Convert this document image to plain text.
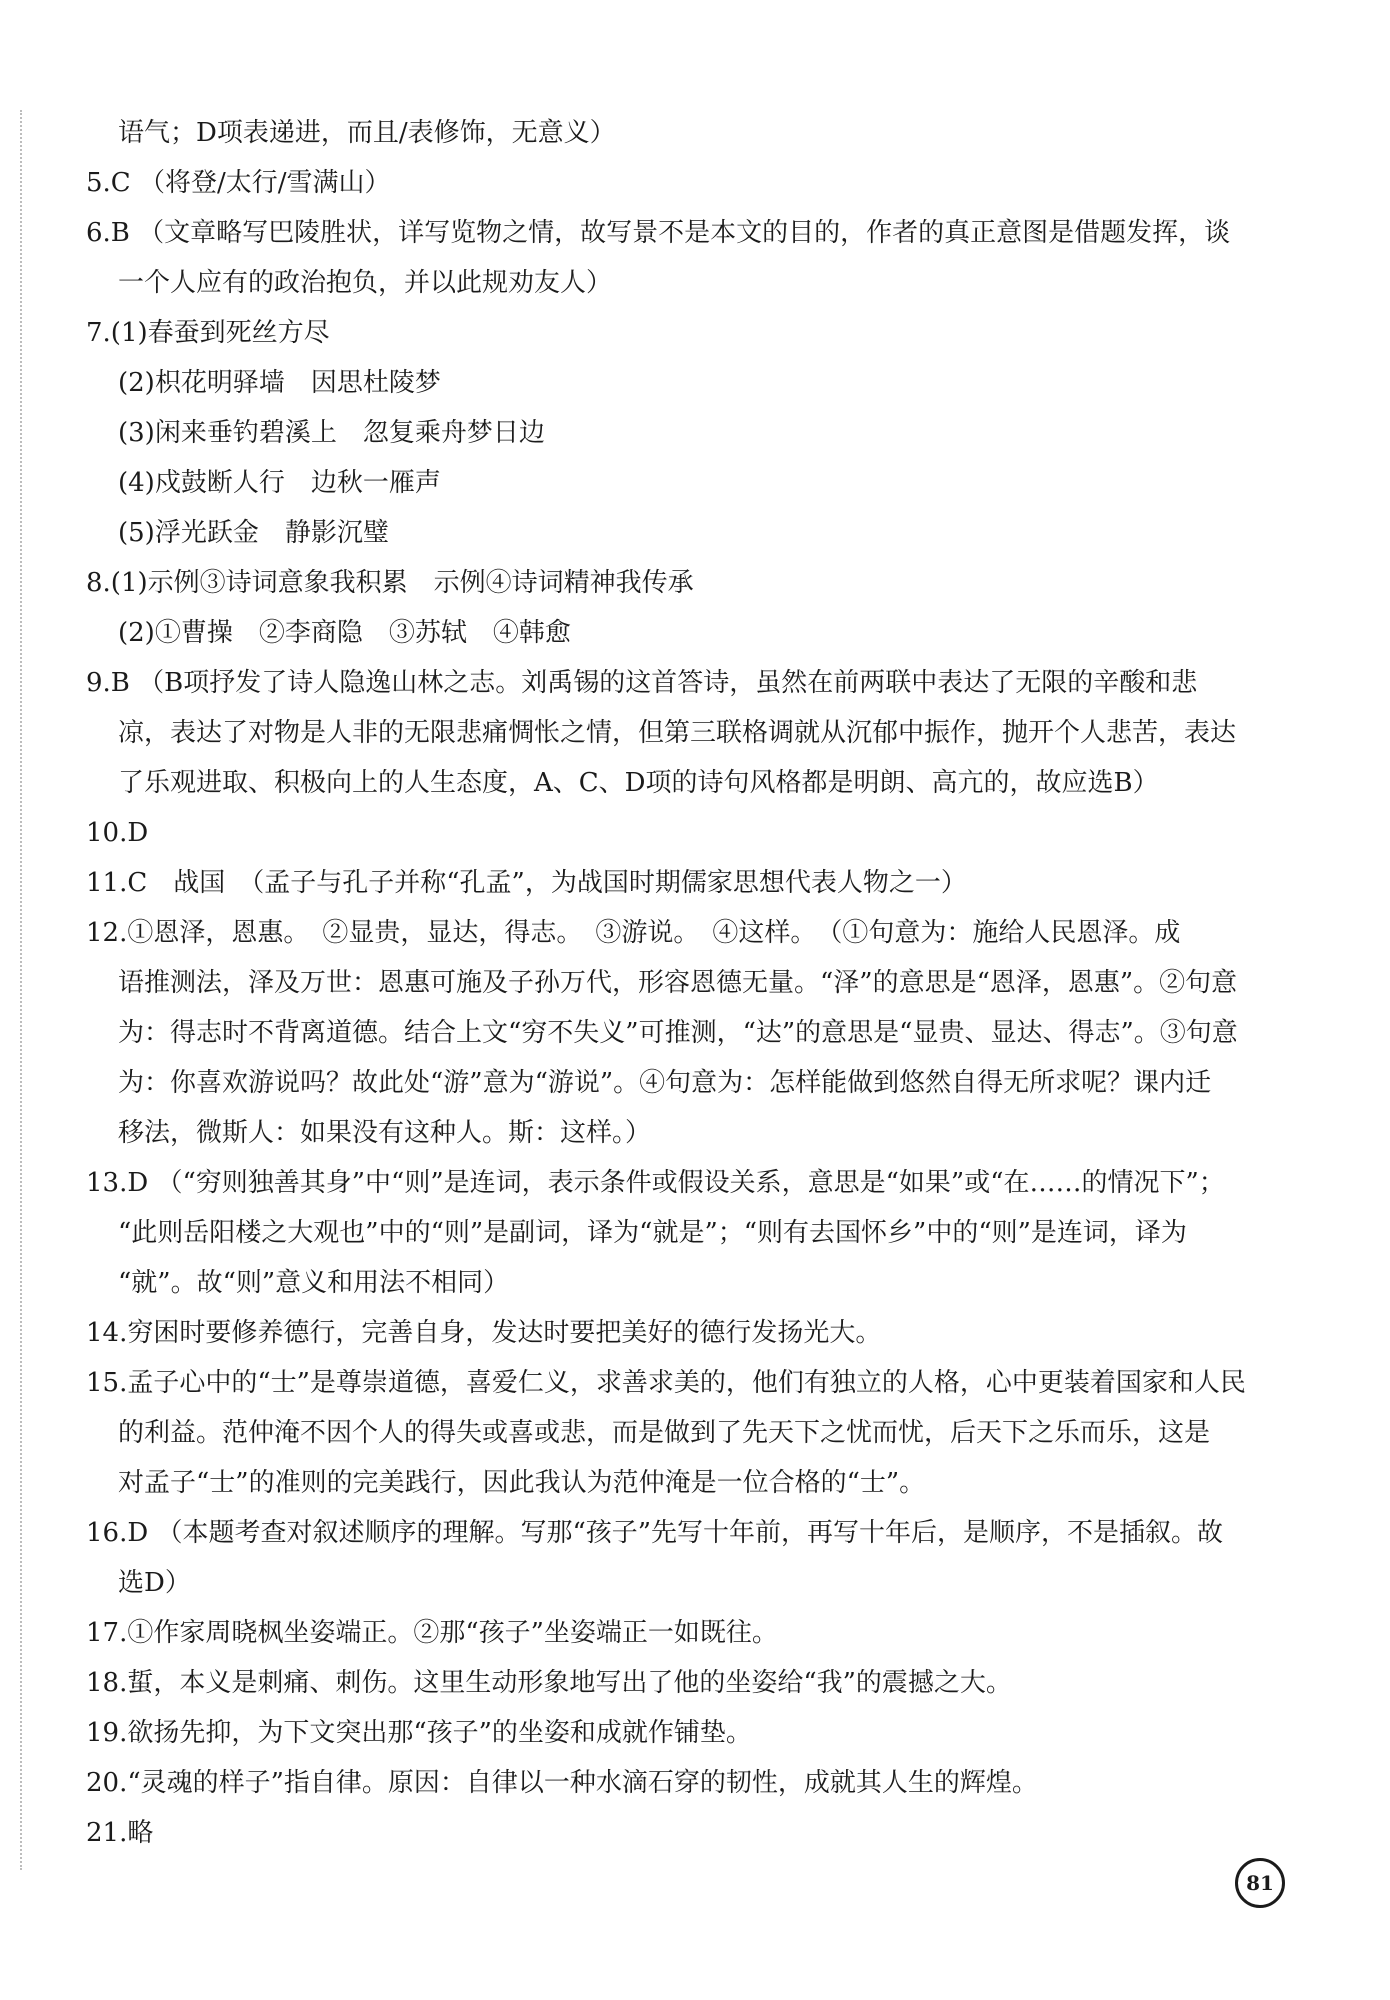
语气；D项表递进，而且/表修饰，无意义）
5.C （将登/太行/雪满山）
6.B （文章略写巴陵胜状，详写览物之情，故写景不是本文的目的，作者的真正意图是借题发挥，谈
一个人应有的政治抱负，并以此规劝友人）
7.(1)春蚕到死丝方尽
(2)枳花明驿墙　因思杜陵梦
(3)闲来垂钓碧溪上　忽复乘舟梦日边
(4)戍鼓断人行　边秋一雁声
(5)浮光跃金　静影沉璧
8.(1)示例③诗词意象我积累　示例④诗词精神我传承
(2)①曹操　②李商隐　③苏轼　④韩愈
9.B （B项抒发了诗人隐逸山林之志。刘禹锡的这首答诗，虽然在前两联中表达了无限的辛酸和悲
凉，表达了对物是人非的无限悲痛惆怅之情，但第三联格调就从沉郁中振作，抛开个人悲苦，表达
了乐观进取、积极向上的人生态度，A、C、D项的诗句风格都是明朗、高亢的，故应选B）
10.D
11.C　战国　（孟子与孔子并称“孔孟”，为战国时期儒家思想代表人物之一）
12.①恩泽，恩惠。　②显贵，显达，得志。　③游说。　④这样。　（①句意为：施给人民恩泽。成
语推测法，泽及万世：恩惠可施及子孙万代，形容恩德无量。“泽”的意思是“恩泽，恩惠”。②句意
为：得志时不背离道德。结合上文“穷不失义”可推测，“达”的意思是“显贵、显达、得志”。③句意
为：你喜欢游说吗？故此处“游”意为“游说”。④句意为：怎样能做到悠然自得无所求呢？课内迁
移法，微斯人：如果没有这种人。斯：这样。）
13.D （“穷则独善其身”中“则”是连词，表示条件或假设关系，意思是“如果”或“在……的情况下”；
“此则岳阳楼之大观也”中的“则”是副词，译为“就是”；“则有去国怀乡”中的“则”是连词，译为
“就”。故“则”意义和用法不相同）
14.穷困时要修养德行，完善自身，发达时要把美好的德行发扬光大。
15.孟子心中的“士”是尊崇道德，喜爱仁义，求善求美的，他们有独立的人格，心中更装着国家和人民
的利益。范仲淹不因个人的得失或喜或悲，而是做到了先天下之忧而忧，后天下之乐而乐，这是
对孟子“士”的准则的完美践行，因此我认为范仲淹是一位合格的“士”。
16.D （本题考查对叙述顺序的理解。写那“孩子”先写十年前，再写十年后，是顺序，不是插叙。故
选D）
17.①作家周晓枫坐姿端正。②那“孩子”坐姿端正一如既往。
18.蜇，本义是刺痛、刺伤。这里生动形象地写出了他的坐姿给“我”的震撼之大。
19.欲扬先抑，为下文突出那“孩子”的坐姿和成就作铺垫。
20.“灵魂的样子”指自律。原因：自律以一种水滴石穿的韧性，成就其人生的辉煌。
21.略
81
